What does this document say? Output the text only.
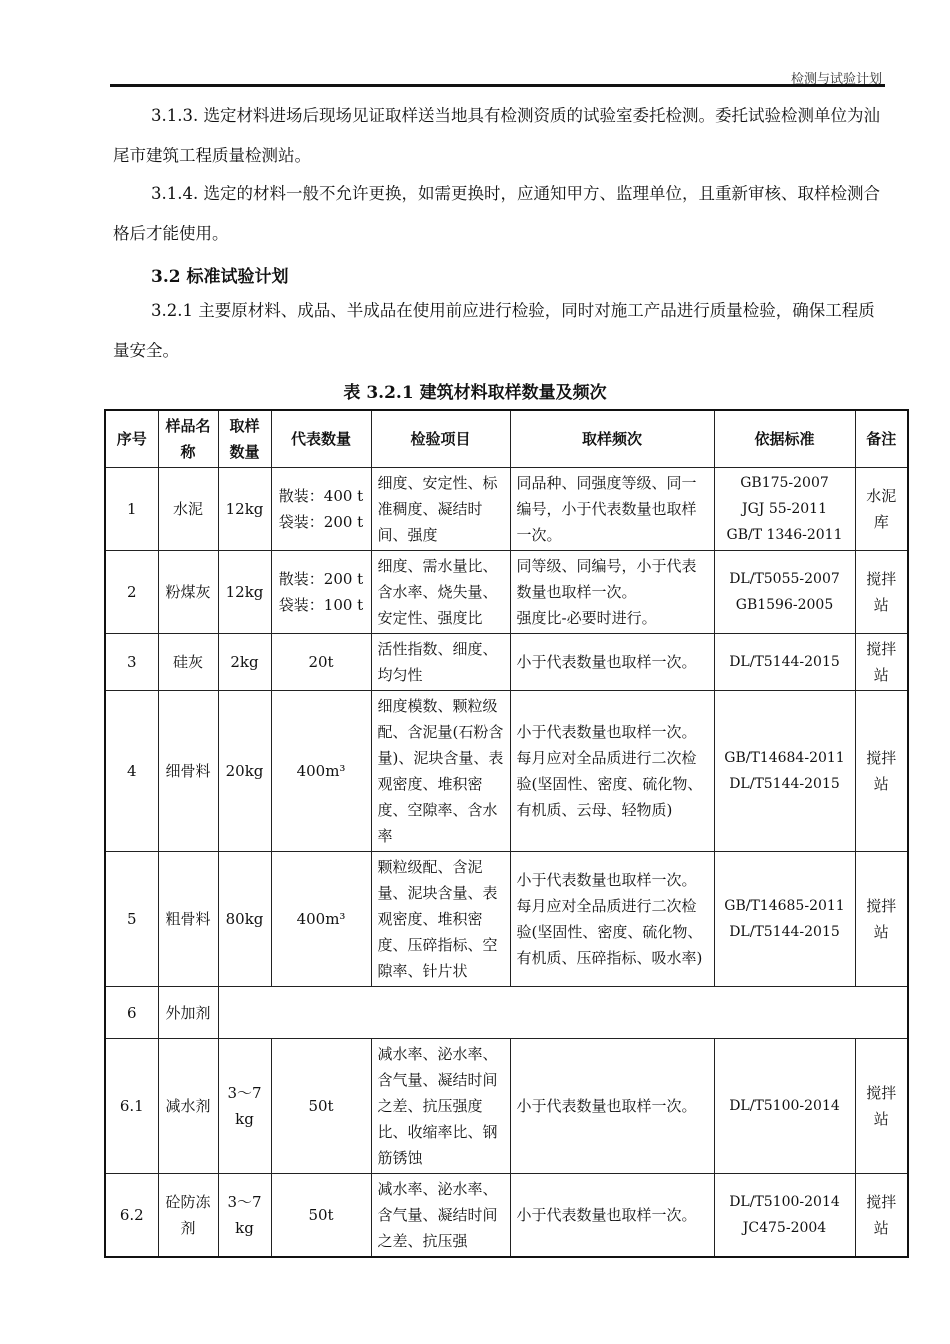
检测与试验计划
3.1.3. 选定材料进场后现场见证取样送当地具有检测资质的试验室委托检测。委托试验检测单位为汕尾市建筑工程质量检测站。
3.1.4. 选定的材料一般不允许更换，如需更换时，应通知甲方、监理单位，且重新审核、取样检测合格后才能使用。
3.2 标准试验计划
3.2.1 主要原材料、成品、半成品在使用前应进行检验，同时对施工产品进行质量检验，确保工程质量安全。
表 3.2.1 建筑材料取样数量及频次
序号	样品名称	取样数量	代表数量	检验项目	取样频次	依据标准	备注
1	水泥	12kg	散装：400 t
袋装：200 t	细度、安定性、标准稠度、凝结时间、强度	同品种、同强度等级、同一编号，小于代表数量也取样一次。	GB175-2007
JGJ 55-2011
GB/T 1346-2011	水泥库
2	粉煤灰	12kg	散装：200 t
袋装：100 t	细度、需水量比、含水率、烧失量、安定性、强度比	同等级、同编号，小于代表数量也取样一次。
强度比-必要时进行。	DL/T5055-2007
GB1596-2005	搅拌站
3	硅灰	2kg	20t	活性指数、细度、均匀性	小于代表数量也取样一次。	DL/T5144-2015	搅拌站
4	细骨料	20kg	400m³	细度模数、颗粒级配、含泥量(石粉含量)、泥块含量、表观密度、堆积密度、空隙率、含水率	小于代表数量也取样一次。每月应对全品质进行二次检验(坚固性、密度、硫化物、有机质、云母、轻物质)	GB/T14684-2011
DL/T5144-2015	搅拌站
5	粗骨料	80kg	400m³	颗粒级配、含泥量、泥块含量、表观密度、堆积密度、压碎指标、空隙率、针片状	小于代表数量也取样一次。每月应对全品质进行二次检验(坚固性、密度、硫化物、有机质、压碎指标、吸水率)	GB/T14685-2011
DL/T5144-2015	搅拌站
6	外加剂						
6.1	减水剂	3～7kg	50t	减水率、泌水率、含气量、凝结时间之差、抗压强度比、收缩率比、钢筋锈蚀	小于代表数量也取样一次。	DL/T5100-2014	搅拌站
6.2	砼防冻剂	3～7kg	50t	减水率、泌水率、含气量、凝结时间之差、抗压强	小于代表数量也取样一次。	DL/T5100-2014
JC475-2004	搅拌站
